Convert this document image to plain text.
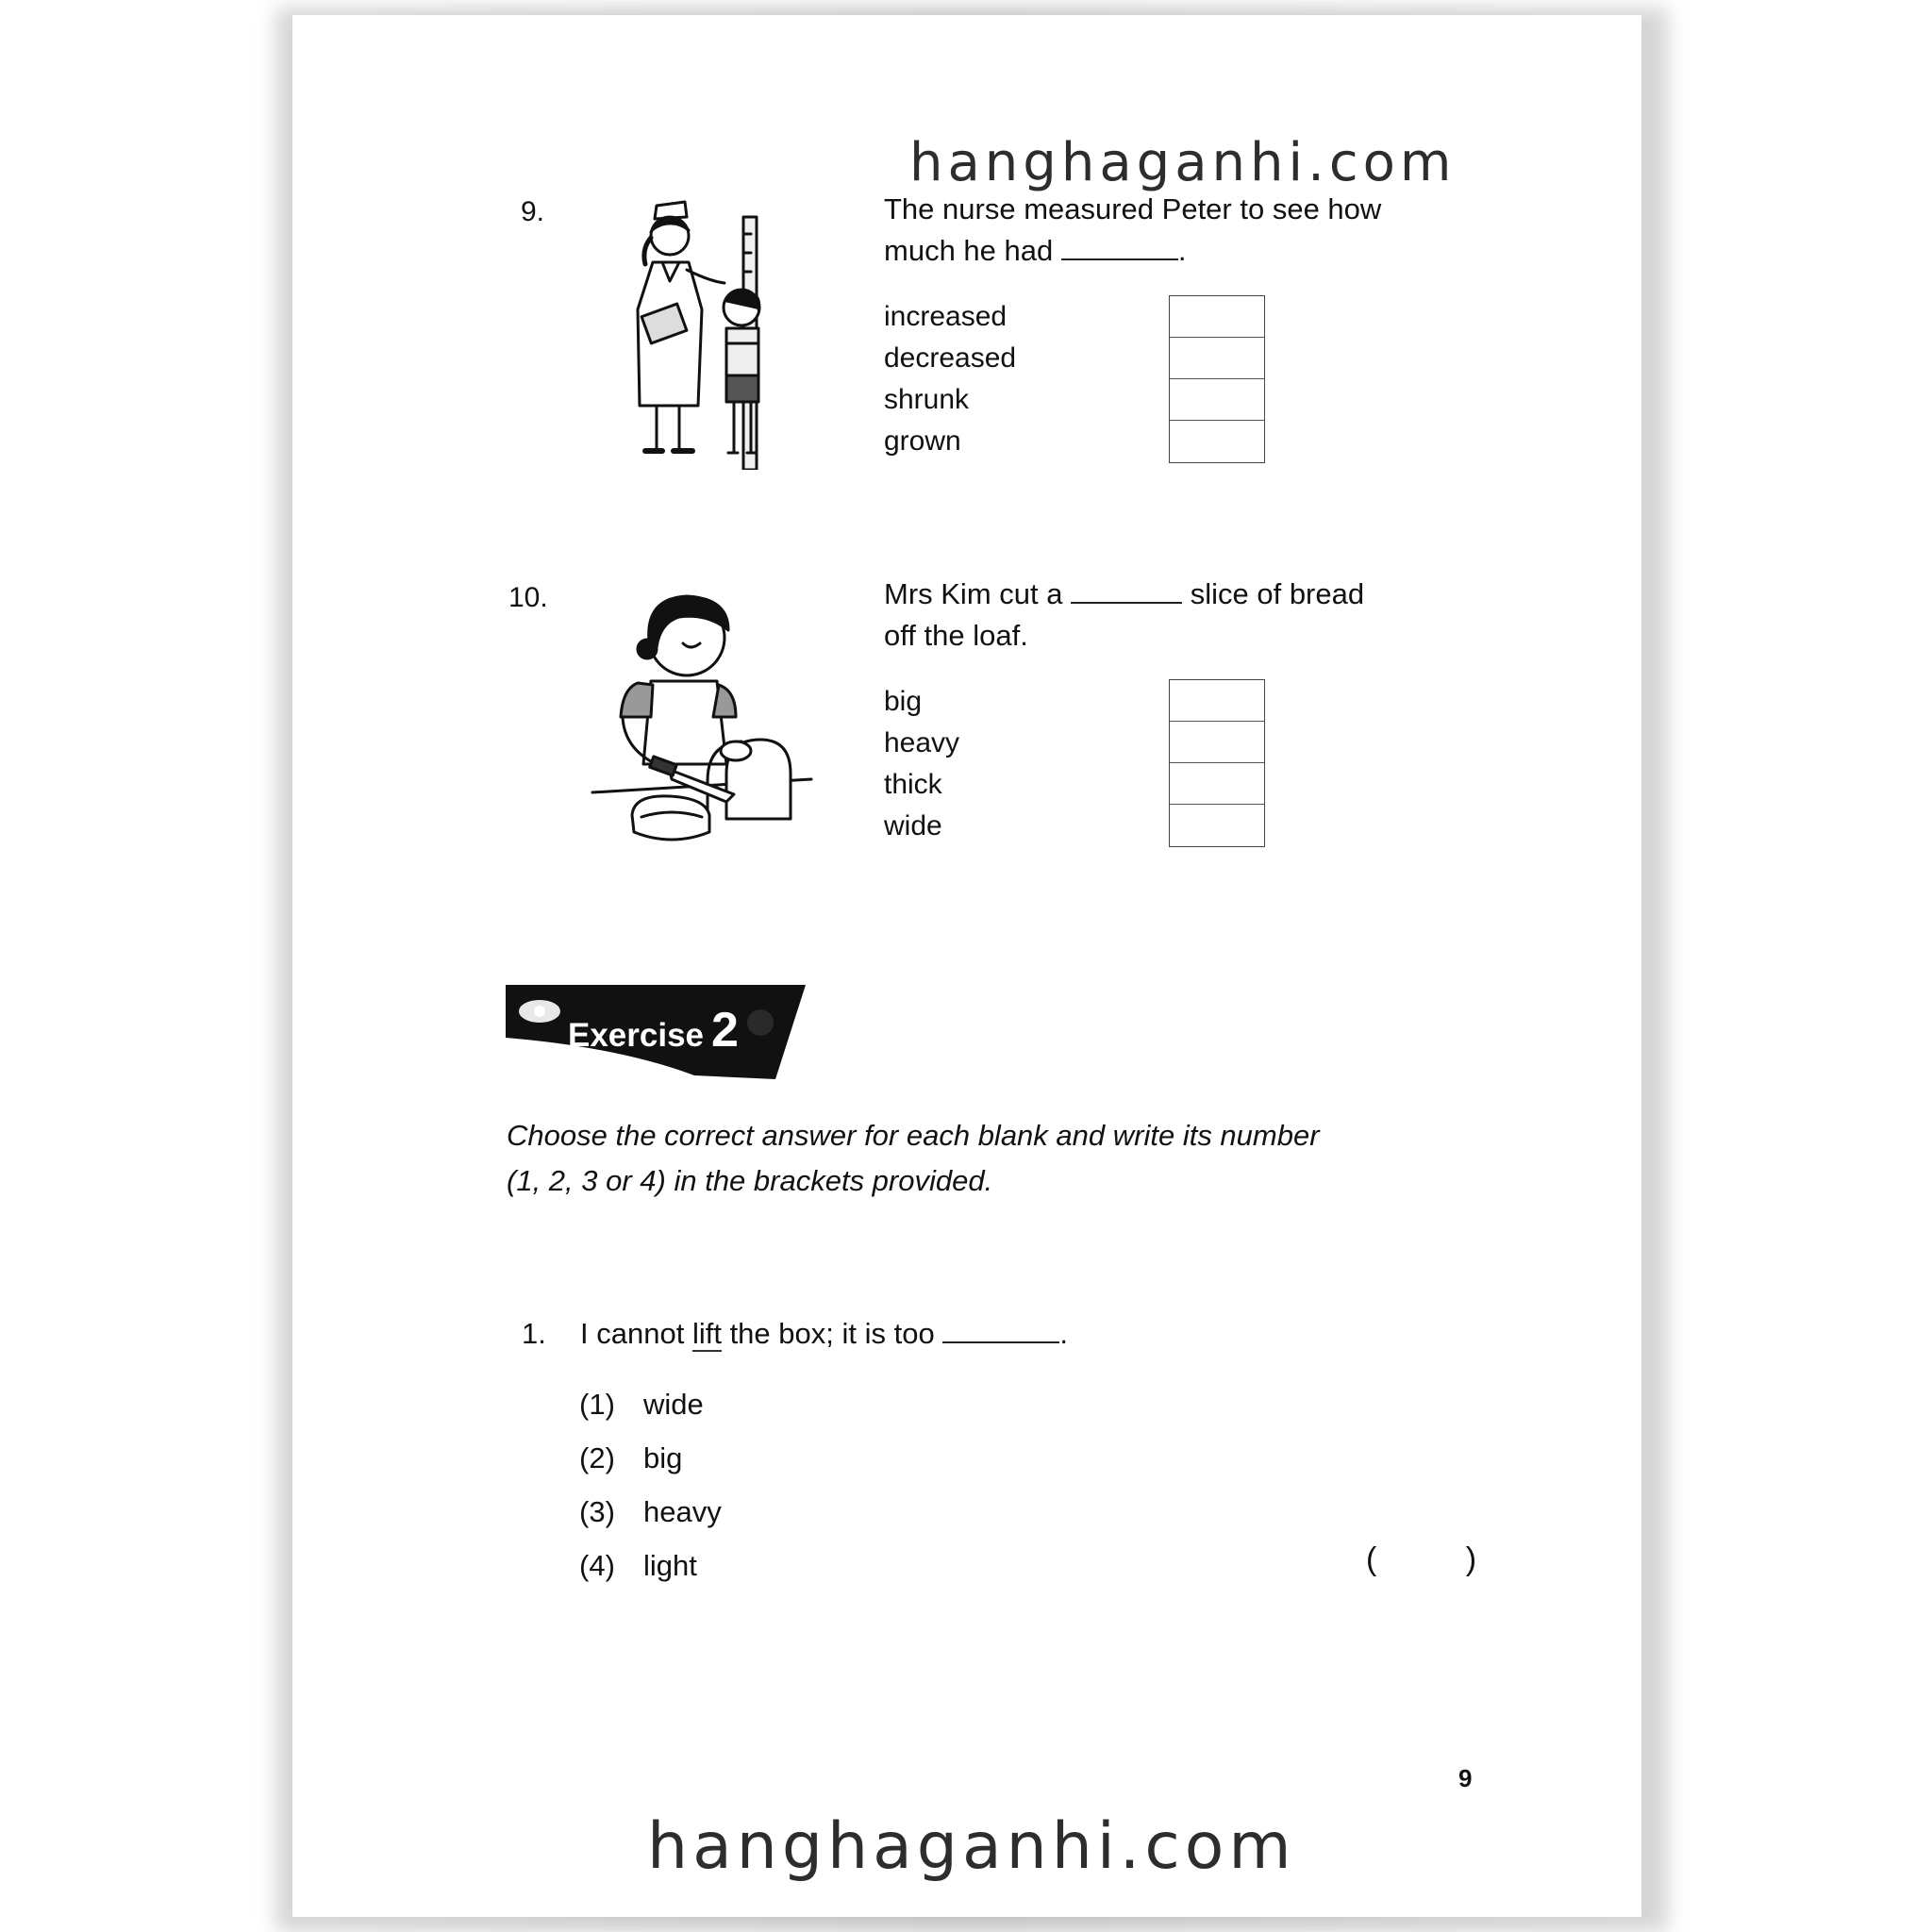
hanghaganhi.com
9.	The nurse measured Peter to see how
much he had	.
increased
decreased
shrunk
grown
10.	Mrs Kim cut a	slice of bread
off the loaf.
big
heavy
thick
wide
Exercise 2
Choose the correct answer for each blank and write its number
(1, 2, 3 or 4) in the brackets provided.
1. I cannot lift the box; it is too	.
(1) wide
(2) big
(3) heavy
(4) light	(          )
9
hanghaganhi.com
